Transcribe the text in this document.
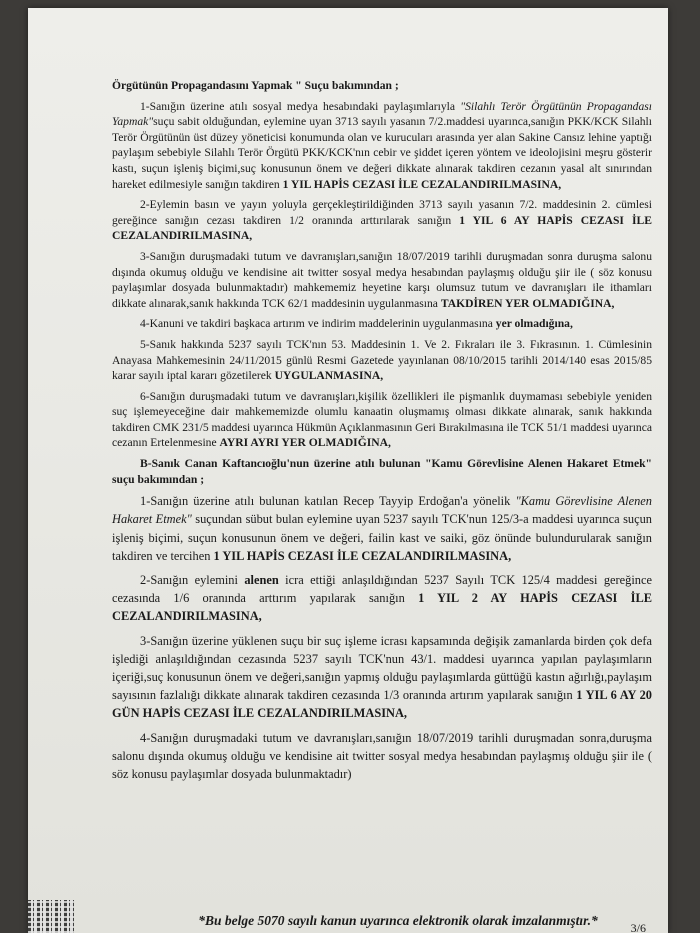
Örgütünün Propagandasını Yapmak " Suçu bakımından ;

1-Sanığın üzerine atılı sosyal medya hesabındaki paylaşımlarıyla "Silahlı Terör Örgütünün Propagandası Yapmak"suçu sabit olduğundan, eylemine uyan 3713 sayılı yasanın 7/2.maddesi uyarınca,sanığın PKK/KCK Silahlı Terör Örgütünün üst düzey yöneticisi konumunda olan ve kurucuları arasında yer alan Sakine Cansız lehine yaptığı paylaşım sebebiyle Silahlı Terör Örgütü PKK/KCK'nın cebir ve şiddet içeren yöntem ve ideolojisini meşru gösterir kastı, suçun işleniş biçimi,suç konusunun önem ve değeri dikkate alınarak takdiren cezanın yasal alt sınırından hareket edilmesiyle sanığın takdiren 1 YIL HAPİS CEZASI İLE CEZALANDIRILMASINA,

2-Eylemin basın ve yayın yoluyla gerçekleştirildiğinden 3713 sayılı yasanın 7/2. maddesinin 2. cümlesi gereğince sanığın cezası takdiren 1/2 oranında arttırılarak sanığın 1 YIL 6 AY HAPİS CEZASI İLE CEZALANDIRILMASINA,

3-Sanığın duruşmadaki tutum ve davranışları,sanığın 18/07/2019 tarihli duruşmadan sonra duruşma salonu dışında okumuş olduğu ve kendisine ait twitter sosyal medya hesabından paylaşmış olduğu şiir ile ( söz konusu paylaşımlar dosyada bulunmaktadır) mahkememiz heyetine karşı olumsuz tutum ve davranışları ile ithamları dikkate alınarak,sanık hakkında TCK 62/1 maddesinin uygulanmasına TAKDİREN YER OLMADIĞINA,

4-Kanuni ve takdiri başkaca artırım ve indirim maddelerinin uygulanmasına yer olmadığına,

5-Sanık hakkında 5237 sayılı TCK'nın 53. Maddesinin 1. Ve 2. Fıkraları ile 3. Fıkrasının. 1. Cümlesinin Anayasa Mahkemesinin 24/11/2015 günlü Resmi Gazetede yayınlanan 08/10/2015 tarihli 2014/140 esas 2015/85 karar sayılı iptal kararı gözetilerek UYGULANMASINA,

6-Sanığın duruşmadaki tutum ve davranışları,kişilik özellikleri ile pişmanlık duymaması sebebiyle yeniden suç işlemeyeceğine dair mahkememizde olumlu kanaatin oluşmamış olması dikkate alınarak, sanık hakkında takdiren CMK 231/5 maddesi uyarınca Hükmün Açıklanmasının Geri Bırakılmasına ile TCK 51/1 maddesi uyarınca cezanın Ertelenmesine AYRI AYRI YER OLMADIĞINA,

B-Sanık Canan Kaftancıoğlu'nun üzerine atılı bulunan "Kamu Görevlisine Alenen Hakaret Etmek" suçu bakımından ;

1-Sanığın üzerine atılı bulunan katılan Recep Tayyip Erdoğan'a yönelik "Kamu Görevlisine Alenen Hakaret Etmek" suçundan sübut bulan eylemine uyan 5237 sayılı TCK'nun 125/3-a maddesi uyarınca suçun işleniş biçimi, suçun konusunun önem ve değeri, failin kast ve saiki, göz önünde bulundurularak sanığın takdiren ve tercihen 1 YIL HAPİS CEZASI İLE CEZALANDIRILMASINA,

2-Sanığın eylemini alenen icra ettiği anlaşıldığından 5237 Sayılı TCK 125/4 maddesi gereğince cezasında 1/6 oranında arttırım yapılarak sanığın 1 YIL 2 AY HAPİS CEZASI İLE CEZALANDIRILMASINA,

3-Sanığın üzerine yüklenen suçu bir suç işleme icrası kapsamında değişik zamanlarda birden çok defa işlediği anlaşıldığından cezasında 5237 sayılı TCK'nun 43/1. maddesi uyarınca yapılan paylaşımların içeriği,suç konusunun önem ve değeri,sanığın yapmış olduğu paylaşımlarda güttüğü kastın ağırlığı,paylaşım sayısının fazlalığı dikkate alınarak takdiren cezasında 1/3 oranında artırım yapılarak sanığın 1 YIL 6 AY 20 GÜN HAPİS CEZASI İLE CEZALANDIRILMASINA,

4-Sanığın duruşmadaki tutum ve davranışları,sanığın 18/07/2019 tarihli duruşmadan sonra,duruşma salonu dışında okumuş olduğu ve kendisine ait twitter sosyal medya hesabından paylaşmış olduğu şiir ile ( söz konusu paylaşımlar dosyada bulunmaktadır)

*Bu belge 5070 sayılı kanun uyarınca elektronik olarak imzalanmıştır.*	3/6
